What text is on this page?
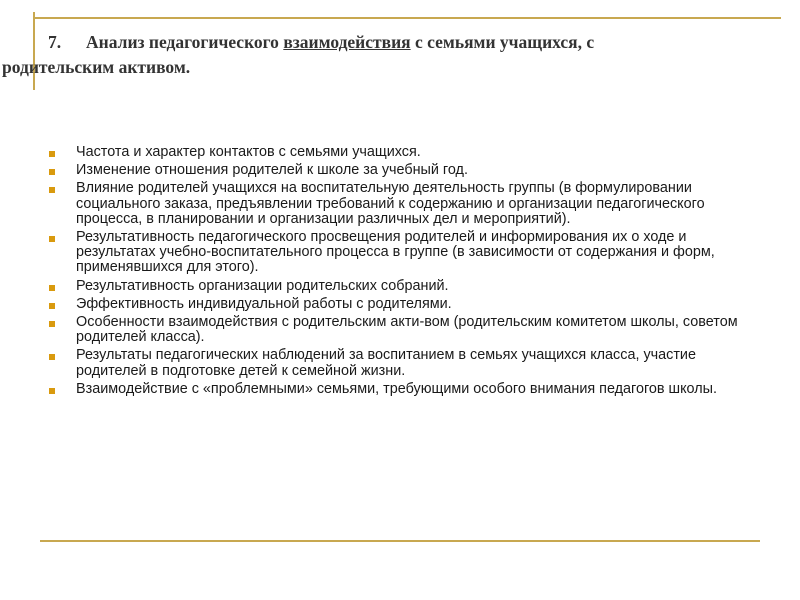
7. Анализ педагогического взаимодействия с семьями учащихся, с
родительским активом.
Частота и характер контактов с семьями учащихся.
Изменение отношения родителей к школе за учебный год.
Влияние родителей учащихся на воспитательную деятельность группы (в формулировании социального заказа, предъявлении требований к содержанию и организации педагогического процесса, в планировании и организации различных дел и мероприятий).
Результативность педагогического просвещения родителей и информирования их о ходе и результатах учебно-воспитательного процесса в группе (в зависимости от содержания и форм, применявшихся для этого).
Результативность организации родительских собраний.
Эффективность индивидуальной работы с родителями.
Особенности взаимодействия с родительским акти-вом (родительским комитетом школы, советом родителей класса).
Результаты педагогических наблюдений за воспитанием в семьях учащихся класса, участие родителей в подготовке детей к семейной жизни.
Взаимодействие с «проблемными» семьями, требующими особого внимания педагогов школы.
